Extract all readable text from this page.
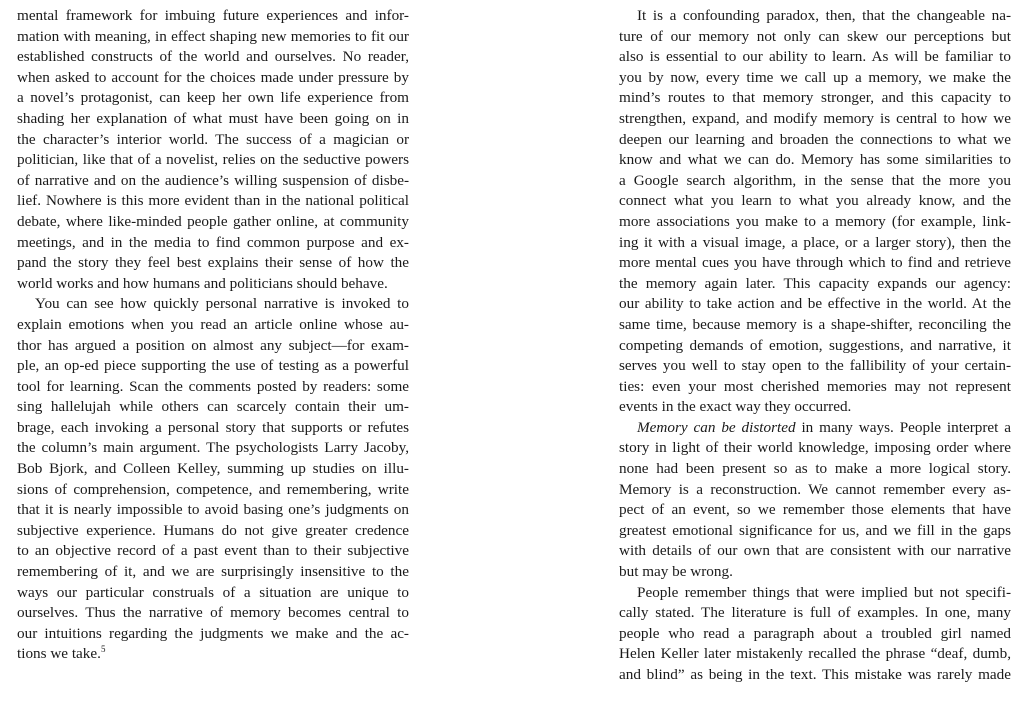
mental framework for imbuing future experiences and infor-
mation with meaning, in effect shaping new memories to fit our
established constructs of the world and ourselves. No reader,
when asked to account for the choices made under pressure by
a novel’s protagonist, can keep her own life experience from
shading her explanation of what must have been going on in
the character’s interior world. The success of a magician or
politician, like that of a novelist, relies on the seductive powers
of narrative and on the audience’s willing suspension of disbe-
lief. Nowhere is this more evident than in the national political
debate, where like-minded people gather online, at community
meetings, and in the media to find common purpose and ex-
pand the story they feel best explains their sense of how the
world works and how humans and politicians should behave.
You can see how quickly personal narrative is invoked to
explain emotions when you read an article online whose au-
thor has argued a position on almost any subject—for exam-
ple, an op-ed piece supporting the use of testing as a powerful
tool for learning. Scan the comments posted by readers: some
sing hallelujah while others can scarcely contain their um-
brage, each invoking a personal story that supports or refutes
the column’s main argument. The psychologists Larry Jacoby,
Bob Bjork, and Colleen Kelley, summing up studies on illu-
sions of comprehension, competence, and remembering, write
that it is nearly impossible to avoid basing one’s judgments on
subjective experience. Humans do not give greater credence
to an objective record of a past event than to their subjective
remembering of it, and we are surprisingly insensitive to the
ways our particular construals of a situation are unique to
ourselves. Thus the narrative of memory becomes central to
our intuitions regarding the judgments we make and the ac-
tions we take.$^5$
It is a confounding paradox, then, that the changeable na-
ture of our memory not only can skew our perceptions but
also is essential to our ability to learn. As will be familiar to
you by now, every time we call up a memory, we make the
mind’s routes to that memory stronger, and this capacity to
strengthen, expand, and modify memory is central to how we
deepen our learning and broaden the connections to what we
know and what we can do. Memory has some similarities to
a Google search algorithm, in the sense that the more you
connect what you learn to what you already know, and the
more associations you make to a memory (for example, link-
ing it with a visual image, a place, or a larger story), then the
more mental cues you have through which to find and retrieve
the memory again later. This capacity expands our agency:
our ability to take action and be effective in the world. At the
same time, because memory is a shape-shifter, reconciling the
competing demands of emotion, suggestions, and narrative, it
serves you well to stay open to the fallibility of your certain-
ties: even your most cherished memories may not represent
events in the exact way they occurred.
Memory can be distorted in many ways. People interpret a
story in light of their world knowledge, imposing order where
none had been present so as to make a more logical story.
Memory is a reconstruction. We cannot remember every as-
pect of an event, so we remember those elements that have
greatest emotional significance for us, and we fill in the gaps
with details of our own that are consistent with our narrative
but may be wrong.
People remember things that were implied but not specifi-
cally stated. The literature is full of examples. In one, many
people who read a paragraph about a troubled girl named
Helen Keller later mistakenly recalled the phrase “deaf, dumb,
and blind” as being in the text. This mistake was rarely made
